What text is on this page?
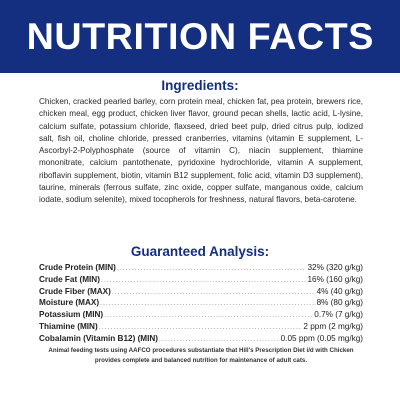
NUTRITION FACTS
Ingredients:

Chicken, cracked pearled barley, corn protein meal, chicken fat, pea protein, brewers rice, chicken meal, egg product, chicken liver flavor, ground pecan shells, lactic acid, L-lysine, calcium sulfate, potassium chloride, flaxseed, dried beet pulp, dried citrus pulp, iodized salt, fish oil, choline chloride, pressed cranberries, vitamins (vitamin E supplement, L-Ascorbyl-2-Polyphosphate (source of vitamin C), niacin supplement, thiamine mononitrate, calcium pantothenate, pyridoxine hydrochloride, vitamin A supplement, riboflavin supplement, biotin, vitamin B12 supplement, folic acid, vitamin D3 supplement), taurine, minerals (ferrous sulfate, zinc oxide, copper sulfate, manganous oxide, calcium iodate, sodium selenite), mixed tocopherols for freshness, natural flavors, beta-carotene.

Guaranteed Analysis:
Crude Protein (MIN) .....	32% (320 g/kg)
Crude Fat (MIN) .....	16% (160 g/kg)
Crude Fiber (MAX) .....	4% (40 g/kg)
Moisture (MAX) .....	8% (80 g/kg)
Potassium (MIN) .....	0.7% (7 g/kg)
Thiamine (MIN) .....	2 ppm (2 mg/kg)
Cobalamin (Vitamin B12) (MIN) .....	0.05 ppm (0.05 mg/kg)

Animal feeding tests using AAFCO procedures substantiate that Hill's Prescription Diet i/d with Chicken provides complete and balanced nutrition for maintenance of adult cats.
